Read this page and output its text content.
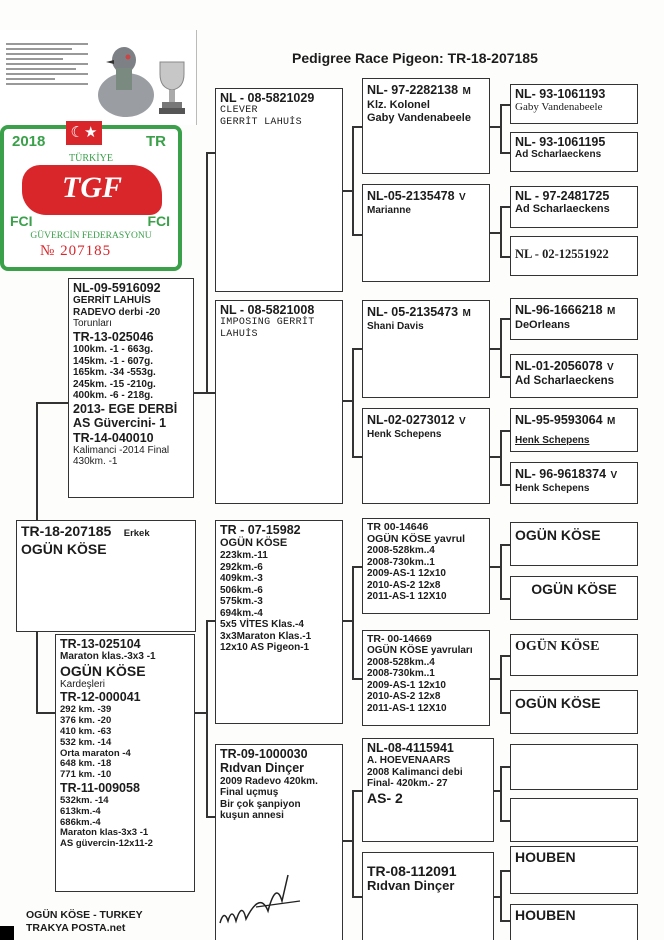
2018
☾★
TR
TÜRKİYE
TGF
FCI	FCI
GÜVERCİN FEDERASYONU
№ 207185
Pedigree Race Pigeon: TR-18-207185
TR-18-207185 Erkek
OGÜN KÖSE
NL-09-5916092
GERRİT LAHUİS
RADEVO derbi -20
Torunları
TR-13-025046
100km. -1 - 663g.
145km. -1 - 607g.
165km. -34 -553g.
245km. -15 -210g.
400km. -6 - 218g.
2013- EGE DERBİ AS Güvercini- 1
TR-14-040010
Kalimanci -2014 Final 430km. -1
TR-13-025104
Maraton klas.-3x3 -1
OGÜN KÖSE
Kardeşleri
TR-12-000041
292 km. -39
376 km. -20
410 km. -63
532 km. -14
Orta maraton -4
648 km. -18
771 km. -10
TR-11-009058
532km. -14
613km.-4
686km.-4
Maraton klas-3x3 -1
AS güvercin-12x11-2
NL - 08-5821029
CLEVER
GERRİT LAHUİS
NL - 08-5821008
IMPOSING GERRİT
LAHUİS
TR - 07-15982
OGÜN KÖSE
223km.-11
292km.-6
409km.-3
506km.-6
575km.-3
694km.-4
5x5 VİTES Klas.-4
3x3Maraton Klas.-1
12x10 AS Pigeon-1
TR-09-1000030
Rıdvan Dinçer
2009 Radevo 420km.
Final uçmuş
Bir çok şanpiyon
kuşun annesi
NL- 97-2282138 M
Klz. Kolonel
Gaby Vandenabeele
NL-05-2135478 V
Marianne
NL- 05-2135473 M
Shani Davis
NL-02-0273012 V
Henk Schepens
TR 00-14646
OGÜN KÖSE yavrul
2008-528km..4
2008-730km..1
2009-AS-1 12x10
2010-AS-2 12x8
2011-AS-1 12X10
TR- 00-14669
OGÜN KÖSE yavruları
2008-528km..4
2008-730km..1
2009-AS-1 12x10
2010-AS-2 12x8
2011-AS-1 12X10
NL-08-4115941
A. HOEVENAARS
2008 Kalimanci debi
Final- 420km.- 27
AS- 2
TR-08-112091
Rıdvan Dinçer
NL- 93-1061193
Gaby Vandenabeele
NL- 93-1061195
Ad Scharlaeckens
NL - 97-2481725
Ad Scharlaeckens
NL - 02-12551922
NL-96-1666218 M
DeOrleans
NL-01-2056078 V
Ad Scharlaeckens
NL-95-9593064 M
Henk Schepens
NL- 96-9618374 V
Henk Schepens
OGÜN KÖSE
OGÜN KÖSE
OGÜN KÖSE
OGÜN KÖSE
HOUBEN
HOUBEN
OGÜN KÖSE - TURKEY
TRAKYA POSTA.net
